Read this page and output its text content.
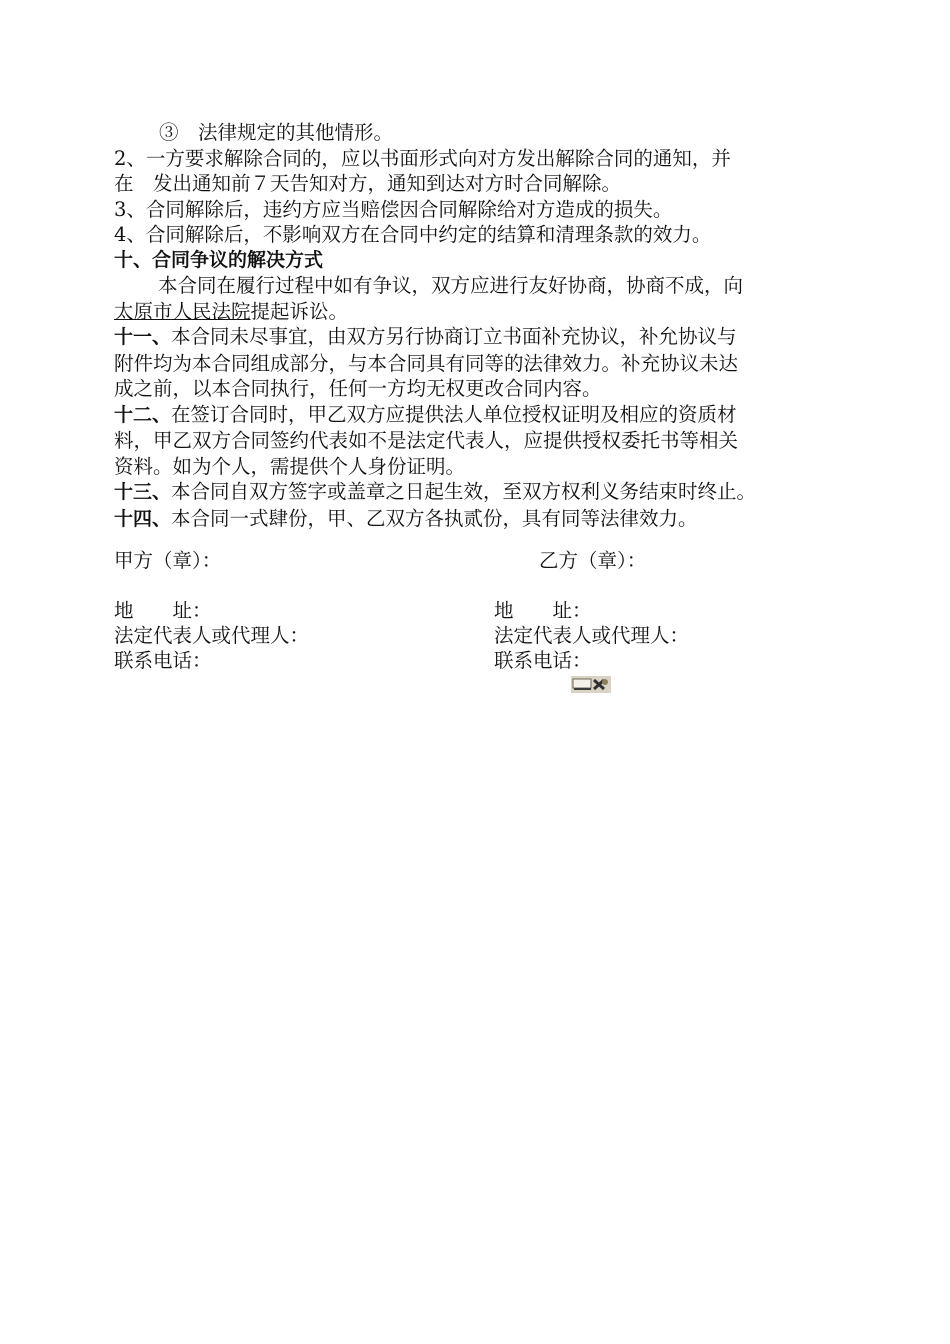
③　法律规定的其他情形。
2、一方要求解除合同的，应以书面形式向对方发出解除合同的通知，并
在　发出通知前７天告知对方，通知到达对方时合同解除。
3、合同解除后，违约方应当赔偿因合同解除给对方造成的损失。
4、合同解除后，不影响双方在合同中约定的结算和清理条款的效力。
十、合同争议的解决方式
本合同在履行过程中如有争议，双方应进行友好协商，协商不成，向
太原市人民法院提起诉讼。
十一、本合同未尽事宜，由双方另行协商订立书面补充协议，补允协议与
附件均为本合同组成部分，与本合同具有同等的法律效力。补充协议未达
成之前，以本合同执行，任何一方均无权更改合同内容。
十二、在签订合同时，甲乙双方应提供法人单位授权证明及相应的资质材
料，甲乙双方合同签约代表如不是法定代表人，应提供授权委托书等相关
资料。如为个人，需提供个人身份证明。
十三、本合同自双方签字或盖章之日起生效，至双方权利义务结束时终止。
十四、本合同一式肆份，甲、乙双方各执贰份，具有同等法律效力。
甲方（章）：	乙方（章）：
地　　址：	地　　址：
法定代表人或代理人：	法定代表人或代理人：
联系电话：	联系电话：
